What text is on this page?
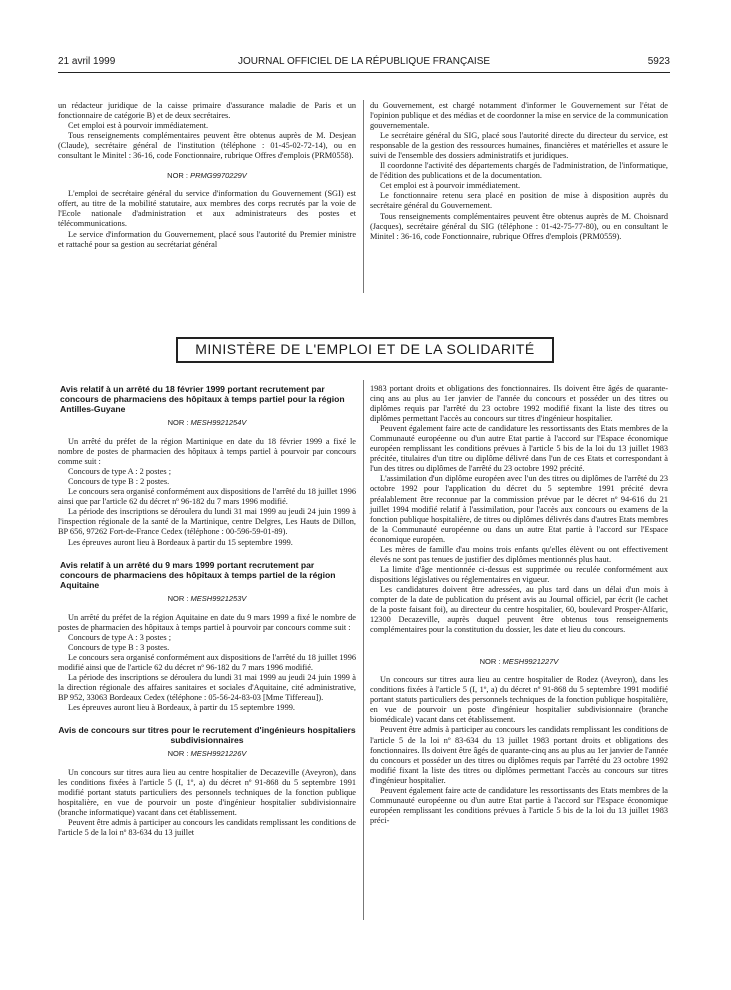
21 avril 1999	JOURNAL OFFICIEL DE LA RÉPUBLIQUE FRANÇAISE	5923

un rédacteur juridique de la caisse primaire d'assurance maladie de Paris et un fonctionnaire de catégorie B) et de deux secrétaires.

Cet emploi est à pourvoir immédiatement.

Tous renseignements complémentaires peuvent être obtenus auprès de M. Desjean (Claude), secrétaire général de l'institution (téléphone : 01-45-02-72-14), ou en consultant le Minitel : 36-16, code Fonctionnaire, rubrique Offres d'emplois (PRM0558).

NOR : PRMG9970229V

L'emploi de secrétaire général du service d'information du Gouvernement (SGI) est offert, au titre de la mobilité statutaire, aux membres des corps recrutés par la voie de l'Ecole nationale d'administration et aux administrateurs des postes et télécommunications.

Le service d'information du Gouvernement, placé sous l'autorité du Premier ministre et rattaché pour sa gestion au secrétariat général

du Gouvernement, est chargé notamment d'informer le Gouvernement sur l'état de l'opinion publique et des médias et de coordonner la mise en service de la communication gouvernementale.

Le secrétaire général du SIG, placé sous l'autorité directe du directeur du service, est responsable de la gestion des ressources humaines, financières et matérielles et assure le suivi de l'ensemble des dossiers administratifs et juridiques.

Il coordonne l'activité des départements chargés de l'administration, de l'informatique, de l'édition des publications et de la documentation.

Cet emploi est à pourvoir immédiatement.

Le fonctionnaire retenu sera placé en position de mise à disposition auprès du secrétaire général du Gouvernement.

Tous renseignements complémentaires peuvent être obtenus auprès de M. Choisnard (Jacques), secrétaire général du SIG (téléphone : 01-42-75-77-80), ou en consultant le Minitel : 36-16, code Fonctionnaire, rubrique Offres d'emplois (PRM0559).

MINISTÈRE DE L'EMPLOI ET DE LA SOLIDARITÉ

Avis relatif à un arrêté du 18 février 1999 portant recrutement par concours de pharmaciens des hôpitaux à temps partiel pour la région Antilles-Guyane

NOR : MESH9921254V

Un arrêté du préfet de la région Martinique en date du 18 février 1999 a fixé le nombre de postes de pharmacien des hôpitaux à temps partiel à pourvoir par concours comme suit :

Concours de type A : 2 postes ;

Concours de type B : 2 postes.

Le concours sera organisé conformément aux dispositions de l'arrêté du 18 juillet 1996 ainsi que par l'article 62 du décret nº 96-182 du 7 mars 1996 modifié.

La période des inscriptions se déroulera du lundi 31 mai 1999 au jeudi 24 juin 1999 à l'inspection régionale de la santé de la Martinique, centre Delgres, Les Hauts de Dillon, BP 656, 97262 Fort-de-France Cedex (téléphone : 00-596-59-01-89).

Les épreuves auront lieu à Bordeaux à partir du 15 septembre 1999.

Avis relatif à un arrêté du 9 mars 1999 portant recrutement par concours de pharmaciens des hôpitaux à temps partiel de la région Aquitaine

NOR : MESH9921253V

Un arrêté du préfet de la région Aquitaine en date du 9 mars 1999 a fixé le nombre de postes de pharmacien des hôpitaux à temps partiel à pourvoir par concours comme suit :

Concours de type A : 3 postes ;

Concours de type B : 3 postes.

Le concours sera organisé conformément aux dispositions de l'arrêté du 18 juillet 1996 modifié ainsi que de l'article 62 du décret nº 96-182 du 7 mars 1996 modifié.

La période des inscriptions se déroulera du lundi 31 mai 1999 au jeudi 24 juin 1999 à la direction régionale des affaires sanitaires et sociales d'Aquitaine, cité administrative, BP 952, 33063 Bordeaux Cedex (téléphone : 05-56-24-83-03 [Mme Tiffereau]).

Les épreuves auront lieu à Bordeaux, à partir du 15 septembre 1999.

Avis de concours sur titres pour le recrutement d'ingénieurs hospitaliers subdivisionnaires

NOR : MESH9921226V

Un concours sur titres aura lieu au centre hospitalier de Decazeville (Aveyron), dans les conditions fixées à l'article 5 (I, 1º, a) du décret nº 91-868 du 5 septembre 1991 modifié portant statuts particuliers des personnels techniques de la fonction publique hospitalière, en vue de pourvoir un poste d'ingénieur hospitalier subdivisionnaire (branche informatique) vacant dans cet établissement.

Peuvent être admis à participer au concours les candidats remplissant les conditions de l'article 5 de la loi nº 83-634 du 13 juillet

1983 portant droits et obligations des fonctionnaires. Ils doivent être âgés de quarante-cinq ans au plus au 1er janvier de l'année du concours et posséder un des titres ou diplômes requis par l'arrêté du 23 octobre 1992 modifié fixant la liste des titres ou diplômes permettant l'accès au concours sur titres d'ingénieur hospitalier.

Peuvent également faire acte de candidature les ressortissants des Etats membres de la Communauté européenne ou d'un autre Etat partie à l'accord sur l'Espace économique européen remplissant les conditions prévues à l'article 5 bis de la loi du 13 juillet 1983 précitée, titulaires d'un titre ou diplôme délivré dans l'un de ces Etats et correspondant à l'un des titres ou diplômes de l'arrêté du 23 octobre 1992 précité.

L'assimilation d'un diplôme européen avec l'un des titres ou diplômes de l'arrêté du 23 octobre 1992 pour l'application du décret du 5 septembre 1991 précité devra préalablement être reconnue par la commission prévue par le décret nº 94-616 du 21 juillet 1994 modifié relatif à l'assimilation, pour l'accès aux concours ou examens de la fonction publique hospitalière, de titres ou diplômes délivrés dans d'autres Etats membres de la Communauté européenne ou dans un autre Etat partie à l'accord sur l'Espace économique européen.

Les mères de famille d'au moins trois enfants qu'elles élèvent ou ont effectivement élevés ne sont pas tenues de justifier des diplômes mentionnés plus haut.

La limite d'âge mentionnée ci-dessus est supprimée ou reculée conformément aux dispositions législatives ou réglementaires en vigueur.

Les candidatures doivent être adressées, au plus tard dans un délai d'un mois à compter de la date de publication du présent avis au Journal officiel, par écrit (le cachet de la poste faisant foi), au directeur du centre hospitalier, 60, boulevard Prosper-Alfaric, 12300 Decazeville, auprès duquel peuvent être obtenus tous renseignements complémentaires pour la constitution du dossier, les date et lieu du concours.

NOR : MESH9921227V

Un concours sur titres aura lieu au centre hospitalier de Rodez (Aveyron), dans les conditions fixées à l'article 5 (I, 1º, a) du décret nº 91-868 du 5 septembre 1991 modifié portant statuts particuliers des personnels techniques de la fonction publique hospitalière, en vue de pourvoir un poste d'ingénieur hospitalier subdivisionnaire (branche biomédicale) vacant dans cet établissement.

Peuvent être admis à participer au concours les candidats remplissant les conditions de l'article 5 de la loi nº 83-634 du 13 juillet 1983 portant droits et obligations des fonctionnaires. Ils doivent être âgés de quarante-cinq ans au plus au 1er janvier de l'année du concours et posséder un des titres ou diplômes requis par l'arrêté du 23 octobre 1992 modifié fixant la liste des titres ou diplômes permettant l'accès au concours sur titres d'ingénieur hospitalier.

Peuvent également faire acte de candidature les ressortissants des Etats membres de la Communauté européenne ou d'un autre Etat partie à l'accord sur l'Espace économique européen remplissant les conditions prévues à l'article 5 bis de la loi du 13 juillet 1983 préci-
